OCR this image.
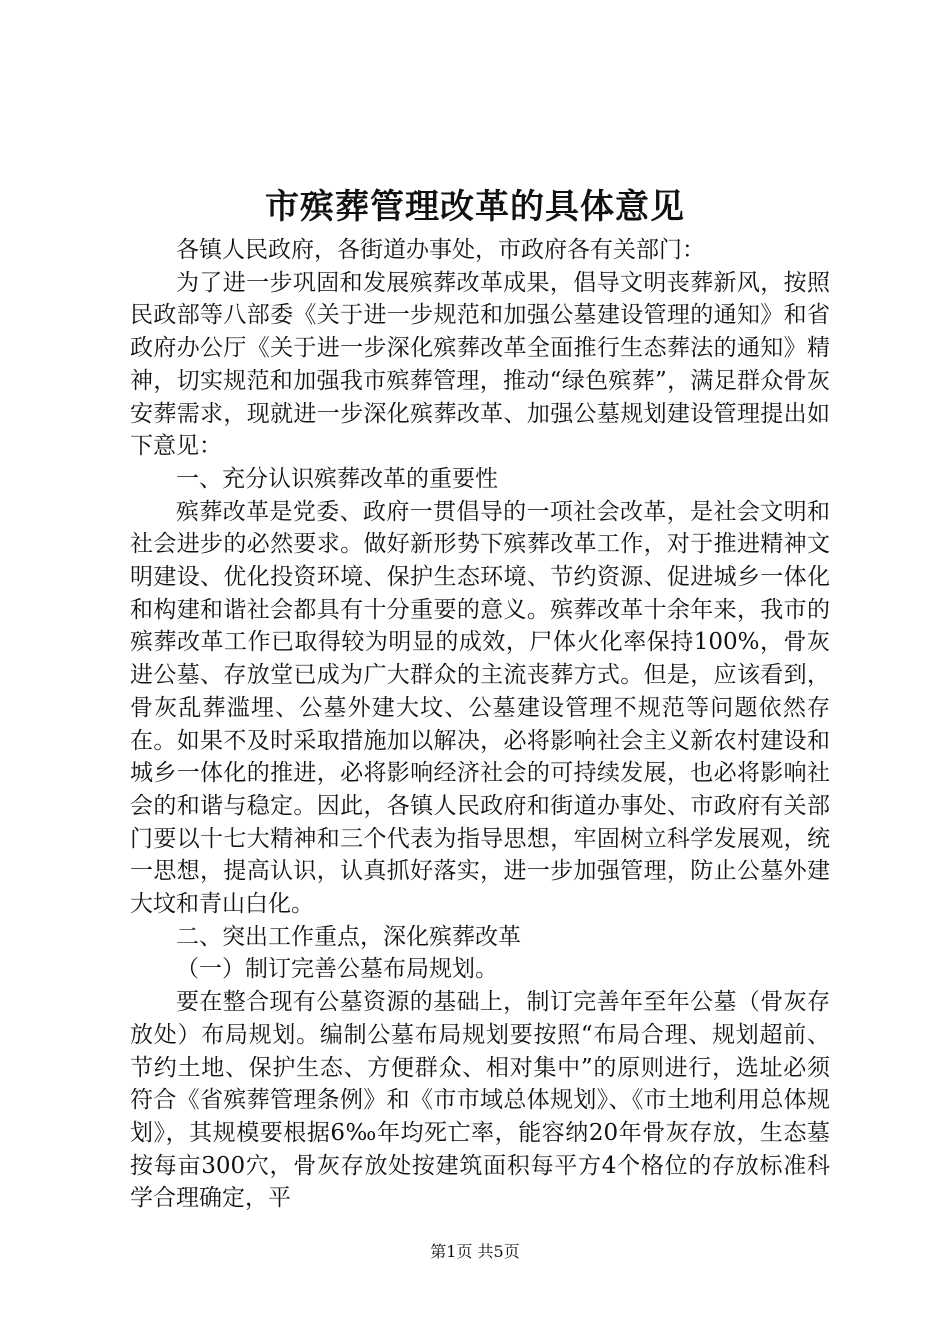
市殡葬管理改革的具体意见

各镇人民政府，各街道办事处，市政府各有关部门：

为了进一步巩固和发展殡葬改革成果，倡导文明丧葬新风，按照民政部等八部委《关于进一步规范和加强公墓建设管理的通知》和省政府办公厅《关于进一步深化殡葬改革全面推行生态葬法的通知》精神，切实规范和加强我市殡葬管理，推动“绿色殡葬”，满足群众骨灰安葬需求，现就进一步深化殡葬改革、加强公墓规划建设管理提出如下意见：

一、充分认识殡葬改革的重要性

殡葬改革是党委、政府一贯倡导的一项社会改革，是社会文明和社会进步的必然要求。做好新形势下殡葬改革工作，对于推进精神文明建设、优化投资环境、保护生态环境、节约资源、促进城乡一体化和构建和谐社会都具有十分重要的意义。殡葬改革十余年来，我市的殡葬改革工作已取得较为明显的成效，尸体火化率保持100%，骨灰进公墓、存放堂已成为广大群众的主流丧葬方式。但是，应该看到，骨灰乱葬滥埋、公墓外建大坟、公墓建设管理不规范等问题依然存在。如果不及时采取措施加以解决，必将影响社会主义新农村建设和城乡一体化的推进，必将影响经济社会的可持续发展，也必将影响社会的和谐与稳定。因此，各镇人民政府和街道办事处、市政府有关部门要以十七大精神和三个代表为指导思想，牢固树立科学发展观，统一思想，提高认识，认真抓好落实，进一步加强管理，防止公墓外建大坟和青山白化。

二、突出工作重点，深化殡葬改革

（一）制订完善公墓布局规划。

要在整合现有公墓资源的基础上，制订完善年至年公墓（骨灰存放处）布局规划。编制公墓布局规划要按照“布局合理、规划超前、节约土地、保护生态、方便群众、相对集中”的原则进行，选址必须符合《省殡葬管理条例》和《市市域总体规划》、《市土地利用总体规划》，其规模要根据6‰年均死亡率，能容纳20年骨灰存放，生态墓按每亩300穴，骨灰存放处按建筑面积每平方4个格位的存放标准科学合理确定，平

第1页 共5页
